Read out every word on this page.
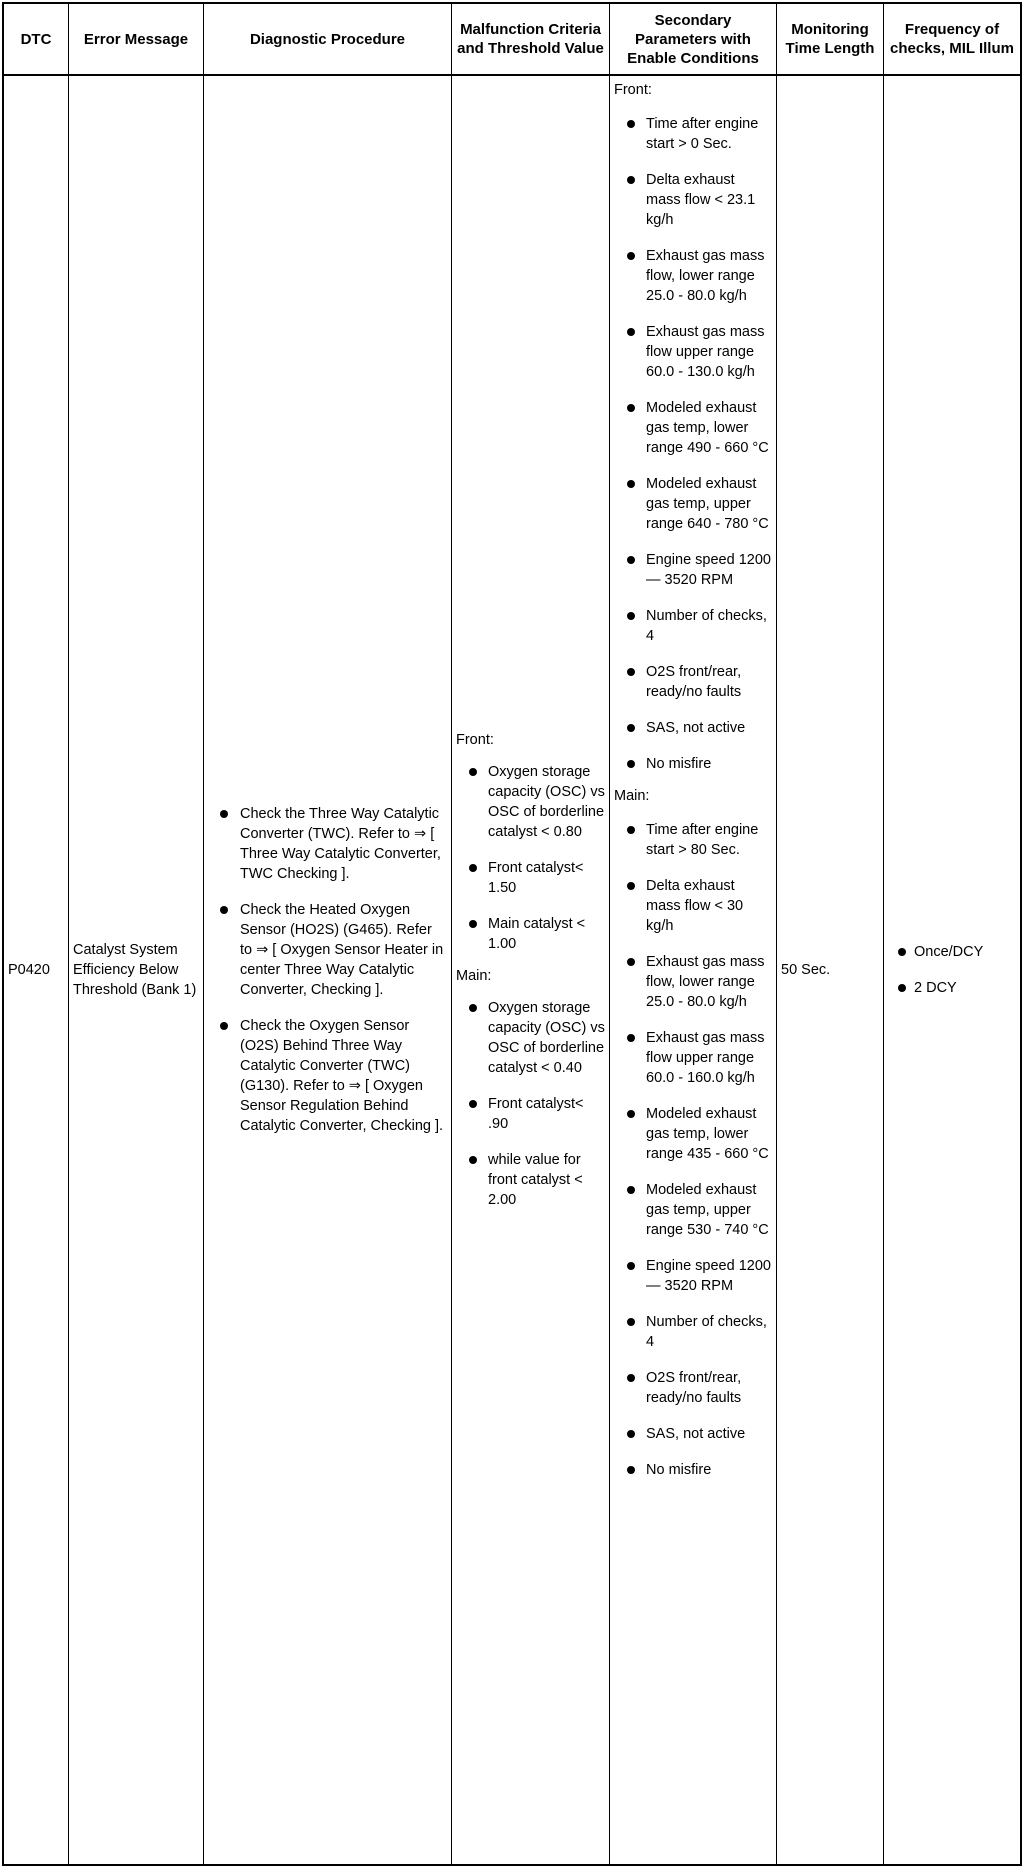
DTC	Error Message	Diagnostic Procedure
Malfunction Criteria and Threshold Value
Secondary Parameters with Enable Conditions
Monitoring Time Length
Frequency of checks, MIL Illum
P0420
Catalyst System Efficiency Below Threshold (Bank 1)
Check the Three Way Catalytic Converter (TWC). Refer to ⇒ [ Three Way Catalytic Converter, TWC Checking ].
Check the Heated Oxygen Sensor (HO2S) (G465). Refer to ⇒ [ Oxygen Sensor Heater in center Three Way Catalytic Converter, Checking ].
Check the Oxygen Sensor (O2S) Behind Three Way Catalytic Converter (TWC) (G130). Refer to ⇒ [ Oxygen Sensor Regulation Behind Catalytic Converter, Checking ].

Front:

Oxygen storage capacity (OSC) vs OSC of borderline catalyst < 0.80
Front catalyst< 1.50
Main catalyst < 1.00

Main:

Oxygen storage capacity (OSC) vs OSC of borderline catalyst < 0.40
Front catalyst< .90
while value for front catalyst < 2.00

Front:

Time after engine start > 0 Sec.
Delta exhaust mass flow < 23.1 kg/h
Exhaust gas mass flow, lower range 25.0 - 80.0 kg/h
Exhaust gas mass flow upper range 60.0 - 130.0 kg/h
Modeled exhaust gas temp, lower range 490 - 660 °C
Modeled exhaust gas temp, upper range 640 - 780 °C
Engine speed 1200 — 3520 RPM
Number of checks, 4
O2S front/rear, ready/no faults
SAS, not active
No misfire

Main:

Time after engine start > 80 Sec.
Delta exhaust mass flow < 30 kg/h
Exhaust gas mass flow, lower range 25.0 - 80.0 kg/h
Exhaust gas mass flow upper range 60.0 - 160.0 kg/h
Modeled exhaust gas temp, lower range 435 - 660 °C
Modeled exhaust gas temp, upper range 530 - 740 °C
Engine speed 1200 — 3520 RPM
Number of checks, 4
O2S front/rear, ready/no faults
SAS, not active
No misfire
50 Sec.
Once/DCY
2 DCY
